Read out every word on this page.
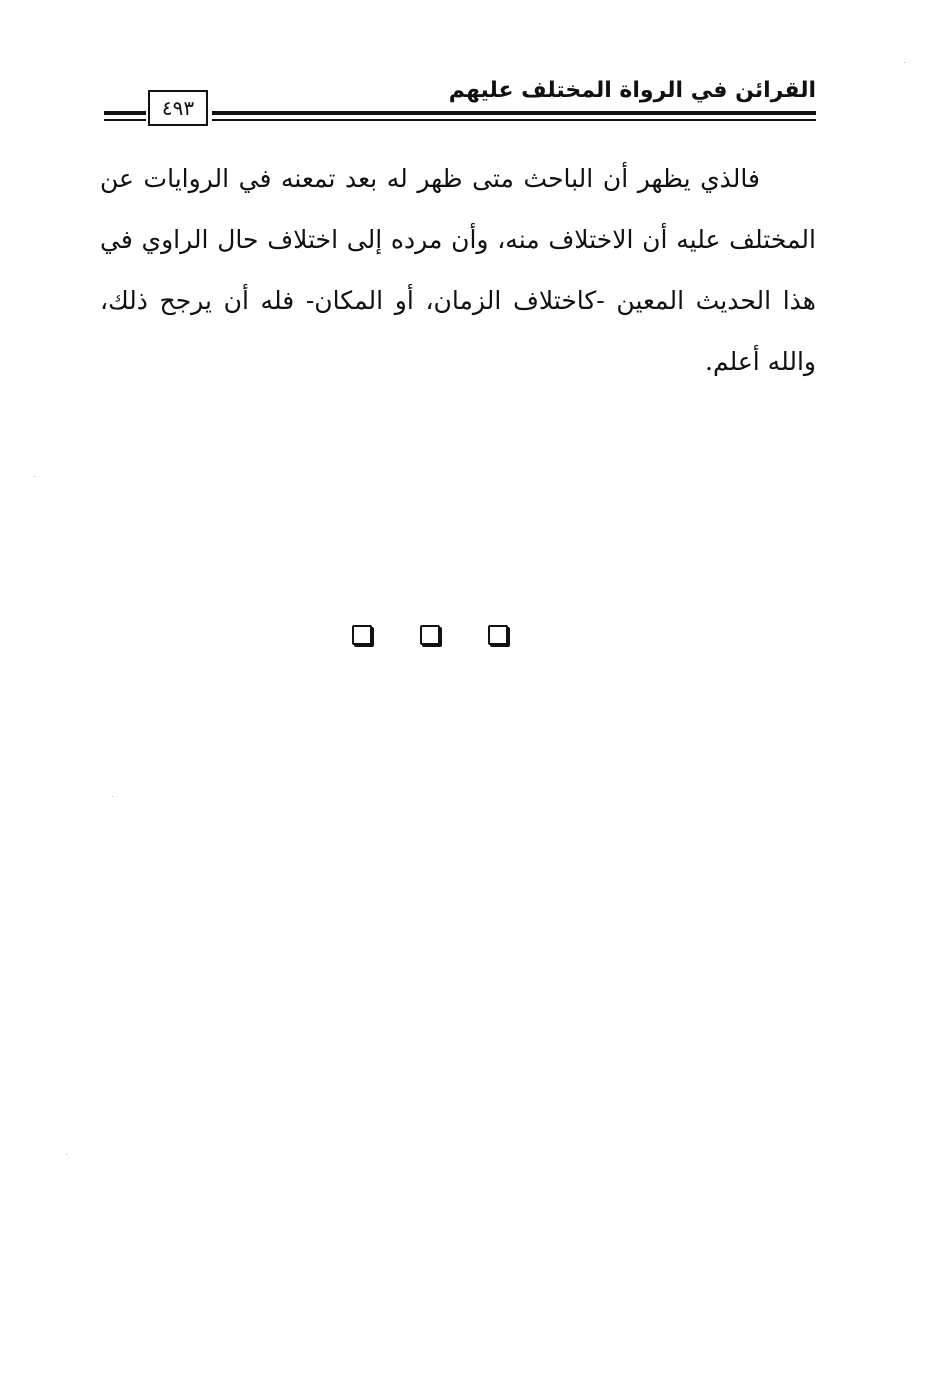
القرائن في الرواة المختلف عليهم
٤٩٣

فالذي يظهر أن الباحث متى ظهر له بعد تمعنه في الروايات عن المختلف عليه أن الاختلاف منه، وأن مرده إلى اختلاف حال الراوي في هذا الحديث المعين -كاختلاف الزمان، أو المكان- فله أن يرجح ذلك، والله أعلم.
